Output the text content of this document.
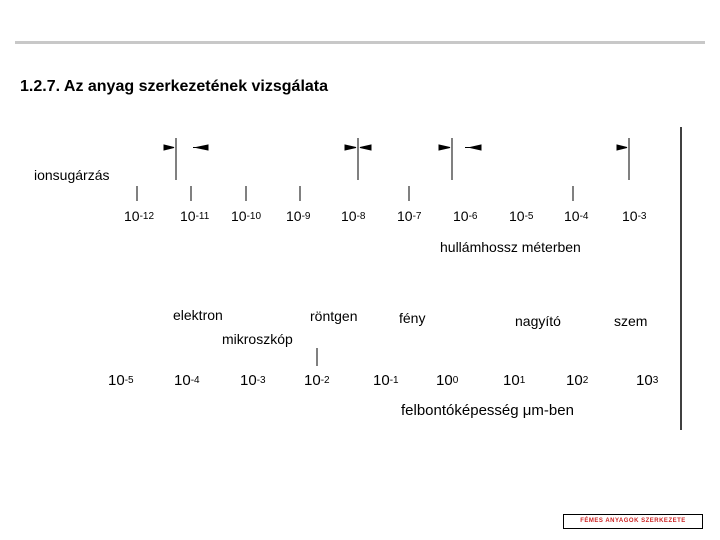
1.2.7. Az anyag szerkezetének vizsgálata
ionsugárzás
$10^{-12}$ $10^{-11}$ $10^{-10}$ $10^{-9}$ $10^{-8}$ $10^{-7}$ $10^{-6}$ $10^{-5}$ $10^{-4}$ $10^{-3}$
hullámhossz méterben
elektron
mikroszkóp
röntgen	fény	nagyító	szem
$10^{-5}$	$10^{-4}$	$10^{-3}$	$10^{-2}$	$10^{-1}$ $10^0$	$10^1$	$10^2$	$10^3$
felbontóképesség μm-ben
FÉMES ANYAGOK SZERKEZETE
